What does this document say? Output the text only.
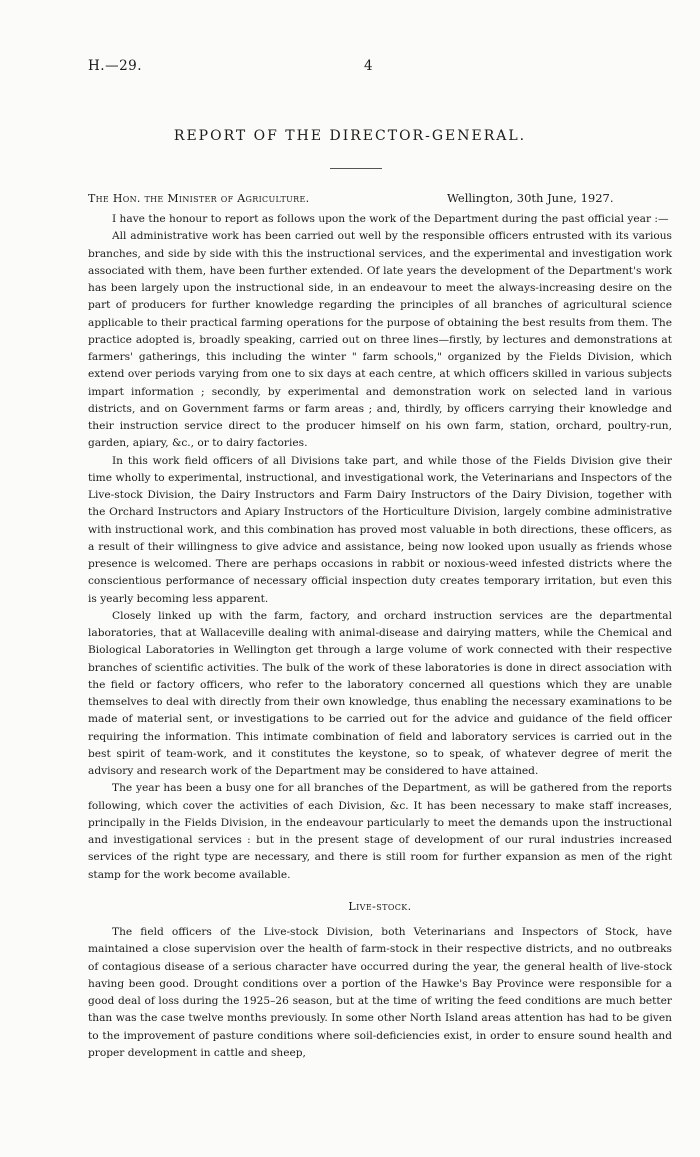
H.—29.	4
REPORT OF THE DIRECTOR-GENERAL.
The Hon. the Minister of Agriculture.	Wellington, 30th June, 1927.

I have the honour to report as follows upon the work of the Department during the past official year :—

All administrative work has been carried out well by the responsible officers entrusted with its various branches, and side by side with this the instructional services, and the experimental and investigation work associated with them, have been further extended. Of late years the development of the Department's work has been largely upon the instructional side, in an endeavour to meet the always-increasing desire on the part of producers for further knowledge regarding the principles of all branches of agricultural science applicable to their practical farming operations for the purpose of obtaining the best results from them. The practice adopted is, broadly speaking, carried out on three lines—firstly, by lectures and demonstrations at farmers' gatherings, this including the winter " farm schools," organized by the Fields Division, which extend over periods varying from one to six days at each centre, at which officers skilled in various subjects impart information ; secondly, by experimental and demonstration work on selected land in various districts, and on Government farms or farm areas ; and, thirdly, by officers carrying their knowledge and their instruction service direct to the producer himself on his own farm, station, orchard, poultry-run, garden, apiary, &c., or to dairy factories.

In this work field officers of all Divisions take part, and while those of the Fields Division give their time wholly to experimental, instructional, and investigational work, the Veterinarians and Inspectors of the Live-stock Division, the Dairy Instructors and Farm Dairy Instructors of the Dairy Division, together with the Orchard Instructors and Apiary Instructors of the Horticulture Division, largely combine administrative with instructional work, and this combination has proved most valuable in both directions, these officers, as a result of their willingness to give advice and assistance, being now looked upon usually as friends whose presence is welcomed. There are perhaps occasions in rabbit or noxious-weed infested districts where the conscientious performance of necessary official inspection duty creates temporary irritation, but even this is yearly becoming less apparent.

Closely linked up with the farm, factory, and orchard instruction services are the departmental laboratories, that at Wallaceville dealing with animal-disease and dairying matters, while the Chemical and Biological Laboratories in Wellington get through a large volume of work connected with their respective branches of scientific activities. The bulk of the work of these laboratories is done in direct association with the field or factory officers, who refer to the laboratory concerned all questions which they are unable themselves to deal with directly from their own knowledge, thus enabling the necessary examinations to be made of material sent, or investigations to be carried out for the advice and guidance of the field officer requiring the information. This intimate combination of field and laboratory services is carried out in the best spirit of team-work, and it constitutes the keystone, so to speak, of whatever degree of merit the advisory and research work of the Department may be considered to have attained.

The year has been a busy one for all branches of the Department, as will be gathered from the reports following, which cover the activities of each Division, &c. It has been necessary to make staff increases, principally in the Fields Division, in the endeavour particularly to meet the demands upon the instructional and investigational services : but in the present stage of development of our rural industries increased services of the right type are necessary, and there is still room for further expansion as men of the right stamp for the work become available.

Live-stock.

The field officers of the Live-stock Division, both Veterinarians and Inspectors of Stock, have maintained a close supervision over the health of farm-stock in their respective districts, and no outbreaks of contagious disease of a serious character have occurred during the year, the general health of live-stock having been good. Drought conditions over a portion of the Hawke's Bay Province were responsible for a good deal of loss during the 1925–26 season, but at the time of writing the feed conditions are much better than was the case twelve months previously. In some other North Island areas attention has had to be given to the improvement of pasture conditions where soil-deficiencies exist, in order to ensure sound health and proper development in cattle and sheep,
